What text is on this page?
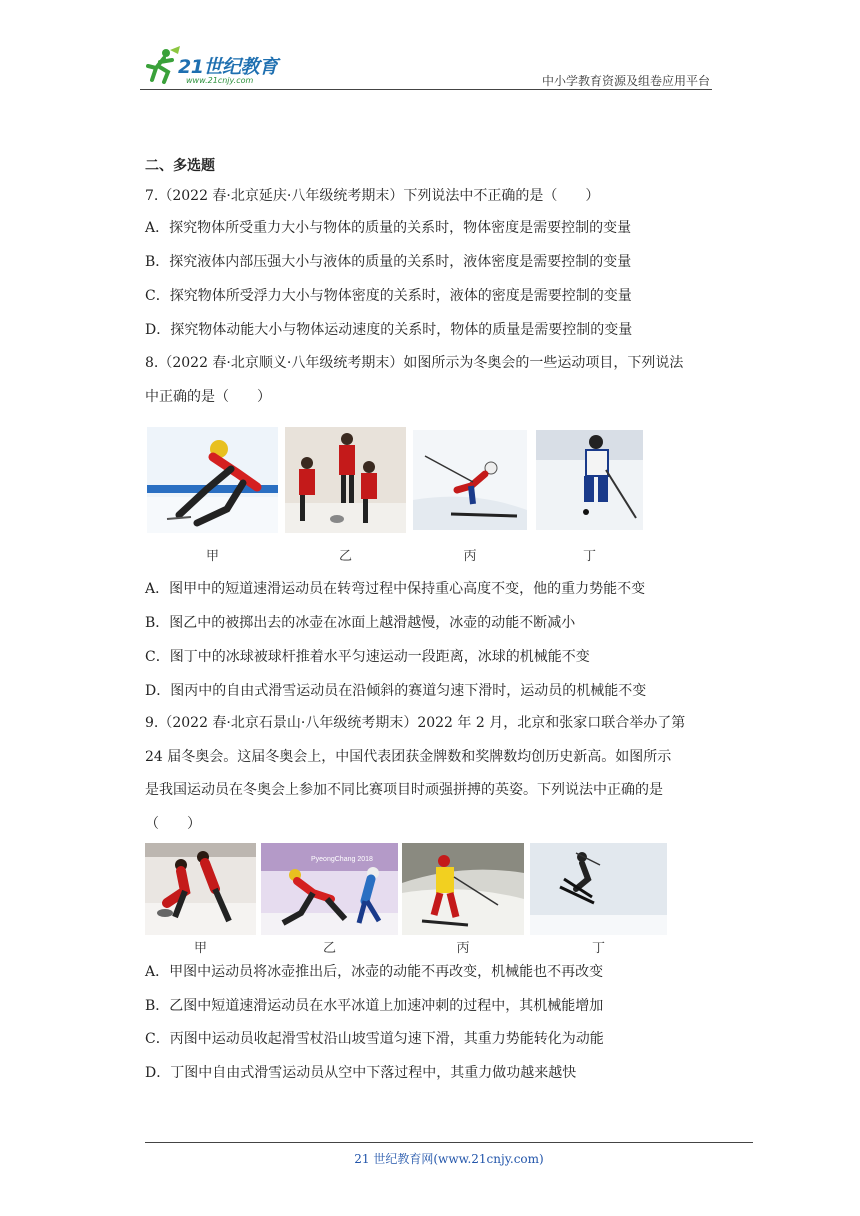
21世纪教育
www.21cnjy.com	中小学教育资源及组卷应用平台
二、多选题
7.（2022 春·北京延庆·八年级统考期末）下列说法中不正确的是（　　）
A．探究物体所受重力大小与物体的质量的关系时，物体密度是需要控制的变量
B．探究液体内部压强大小与液体的质量的关系时，液体密度是需要控制的变量
C．探究物体所受浮力大小与物体密度的关系时，液体的密度是需要控制的变量
D．探究物体动能大小与物体运动速度的关系时，物体的质量是需要控制的变量
8.（2022 春·北京顺义·八年级统考期末）如图所示为冬奥会的一些运动项目，下列说法
中正确的是（　　）
甲	乙	丙	丁
A．图甲中的短道速滑运动员在转弯过程中保持重心高度不变，他的重力势能不变
B．图乙中的被掷出去的冰壶在冰面上越滑越慢，冰壶的动能不断减小
C．图丁中的冰球被球杆推着水平匀速运动一段距离，冰球的机械能不变
D．图丙中的自由式滑雪运动员在沿倾斜的赛道匀速下滑时，运动员的机械能不变
9.（2022 春·北京石景山·八年级统考期末）2022 年 2 月，北京和张家口联合举办了第
24 届冬奥会。这届冬奥会上，中国代表团获金牌数和奖牌数均创历史新高。如图所示
是我国运动员在冬奥会上参加不同比赛项目时顽强拼搏的英姿。下列说法中正确的是
（　　）
PyeongChang 2018
甲	乙	丙	丁
A．甲图中运动员将冰壶推出后，冰壶的动能不再改变，机械能也不再改变
B．乙图中短道速滑运动员在水平冰道上加速冲刺的过程中，其机械能增加
C．丙图中运动员收起滑雪杖沿山坡雪道匀速下滑，其重力势能转化为动能
D．丁图中自由式滑雪运动员从空中下落过程中，其重力做功越来越快
21 世纪教育网(www.21cnjy.com)
